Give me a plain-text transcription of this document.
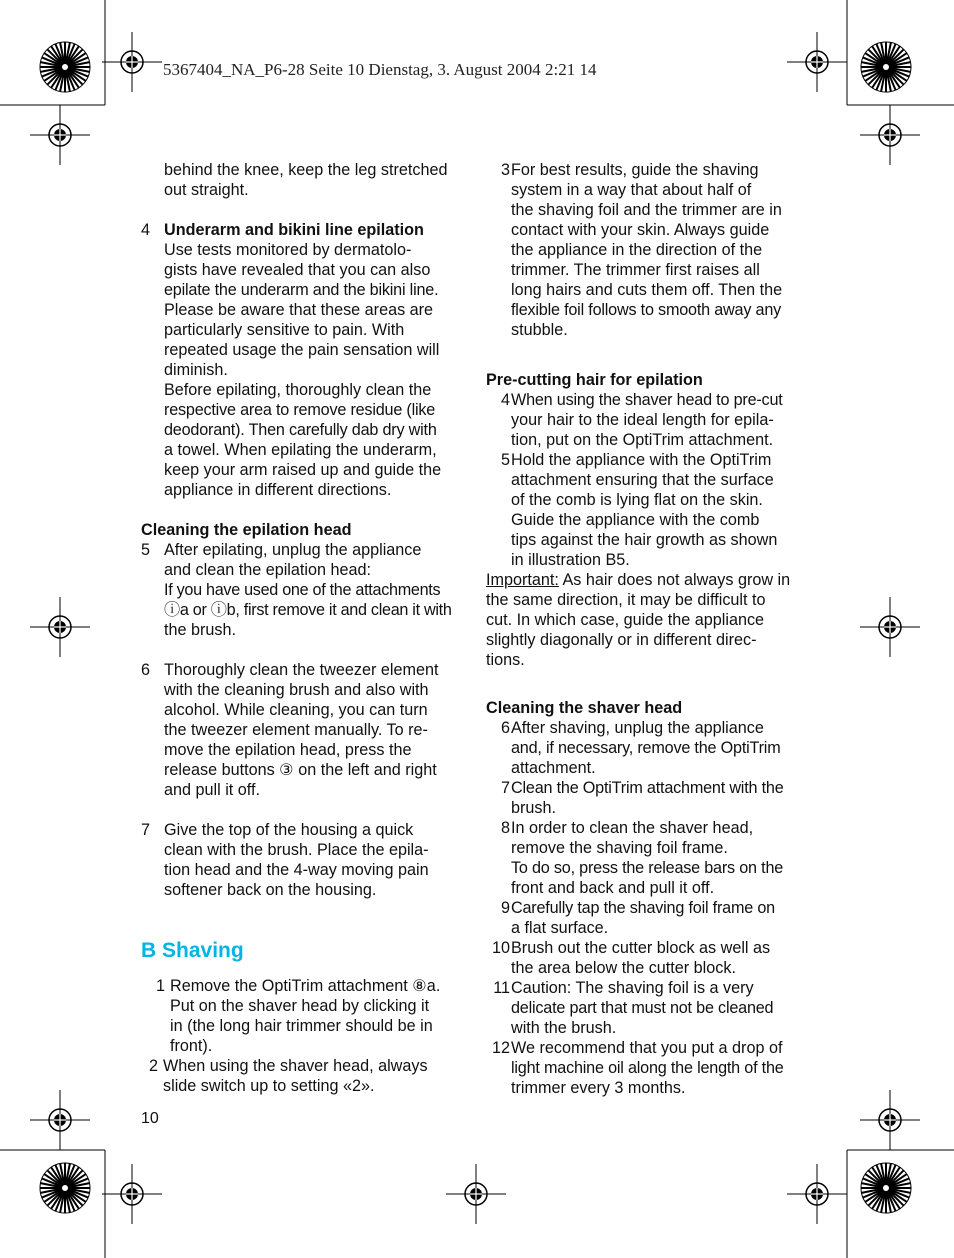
5367404_NA_P6-28 Seite 10 Dienstag, 3. August 2004 2:21 14

behind the knee, keep the leg stretched

out straight.

4 Underarm and bikini line epilation

Use tests monitored by dermatolo-

gists have revealed that you can also

epilate the underarm and the bikini line.

Please be aware that these areas are

particularly sensitive to pain. With

repeated usage the pain sensation will

diminish.

Before epilating, thoroughly clean the

respective area to remove residue (like

deodorant). Then carefully dab dry with

a towel. When epilating the underarm,

keep your arm raised up and guide the

appliance in different directions.

Cleaning the epilation head

5 After epilating, unplug the appliance

and clean the epilation head:

If you have used one of the attachments

ⓘa or ⓘb, first remove it and clean it with

the brush.

6 Thoroughly clean the tweezer element

with the cleaning brush and also with

alcohol. While cleaning, you can turn

the tweezer element manually. To re-

move the epilation head, press the

release buttons ③ on the left and right

and pull it off.

7 Give the top of the housing a quick

clean with the brush. Place the epila-

tion head and the 4-way moving pain

softener back on the housing.

B Shaving

1 Remove the OptiTrim attachment ⑧a.

Put on the shaver head by clicking it

in (the long hair trimmer should be in

front).

2 When using the shaver head, always

slide switch up to setting «2».

10
3 For best results, guide the shaving

system in a way that about half of

the shaving foil and the trimmer are in

contact with your skin. Always guide

the appliance in the direction of the

trimmer. The trimmer first raises all

long hairs and cuts them off. Then the

flexible foil follows to smooth away any

stubble.

Pre-cutting hair for epilation

4 When using the shaver head to pre-cut

your hair to the ideal length for epila-

tion, put on the OptiTrim attachment.

5 Hold the appliance with the OptiTrim

attachment ensuring that the surface

of the comb is lying flat on the skin.

Guide the appliance with the comb

tips against the hair growth as shown

in illustration B5.

Important: As hair does not always grow in

the same direction, it may be difficult to

cut. In which case, guide the appliance

slightly diagonally or in different direc-

tions.

Cleaning the shaver head

6 After shaving, unplug the appliance

and, if necessary, remove the OptiTrim

attachment.

7 Clean the OptiTrim attachment with the

brush.

8 In order to clean the shaver head,

remove the shaving foil frame.

To do so, press the release bars on the

front and back and pull it off.

9 Carefully tap the shaving foil frame on

a flat surface.

10 Brush out the cutter block as well as

the area below the cutter block.

11 Caution: The shaving foil is a very

delicate part that must not be cleaned

with the brush.

12 We recommend that you put a drop of

light machine oil along the length of the

trimmer every 3 months.
